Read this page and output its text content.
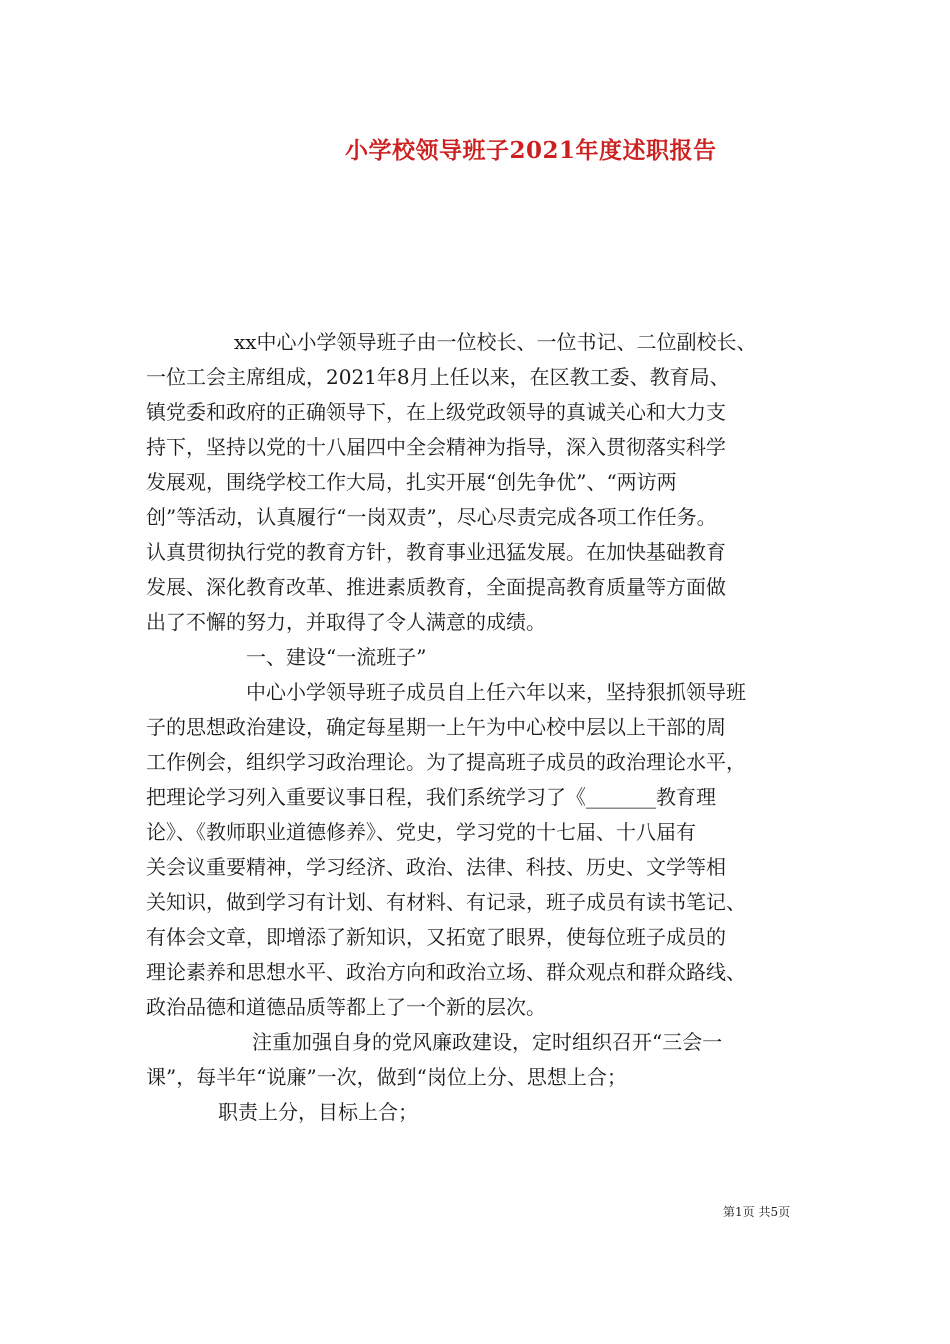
小学校领导班子2021年度述职报告
xx中心小学领导班子由一位校长、一位书记、二位副校长、
一位工会主席组成，2021年8月上任以来，在区教工委、教育局、
镇党委和政府的正确领导下，在上级党政领导的真诚关心和大力支
持下，坚持以党的十八届四中全会精神为指导，深入贯彻落实科学
发展观，围绕学校工作大局，扎实开展“创先争优”、“两访两
创”等活动，认真履行“一岗双责”，尽心尽责完成各项工作任务。
认真贯彻执行党的教育方针，教育事业迅猛发展。在加快基础教育
发展、深化教育改革、推进素质教育，全面提高教育质量等方面做
出了不懈的努力，并取得了令人满意的成绩。
一、建设“一流班子”
中心小学领导班子成员自上任六年以来，坚持狠抓领导班
子的思想政治建设，确定每星期一上午为中心校中层以上干部的周
工作例会，组织学习政治理论。为了提高班子成员的政治理论水平，
把理论学习列入重要议事日程，我们系统学习了《_______教育理
论》、《教师职业道德修养》、党史，学习党的十七届、十八届有
关会议重要精神，学习经济、政治、法律、科技、历史、文学等相
关知识，做到学习有计划、有材料、有记录，班子成员有读书笔记、
有体会文章，即增添了新知识，又拓宽了眼界，使每位班子成员的
理论素养和思想水平、政治方向和政治立场、群众观点和群众路线、
政治品德和道德品质等都上了一个新的层次。
注重加强自身的党风廉政建设，定时组织召开“三会一
课”，每半年“说廉”一次，做到“岗位上分、思想上合；
职责上分，目标上合；
第1页 共5页
